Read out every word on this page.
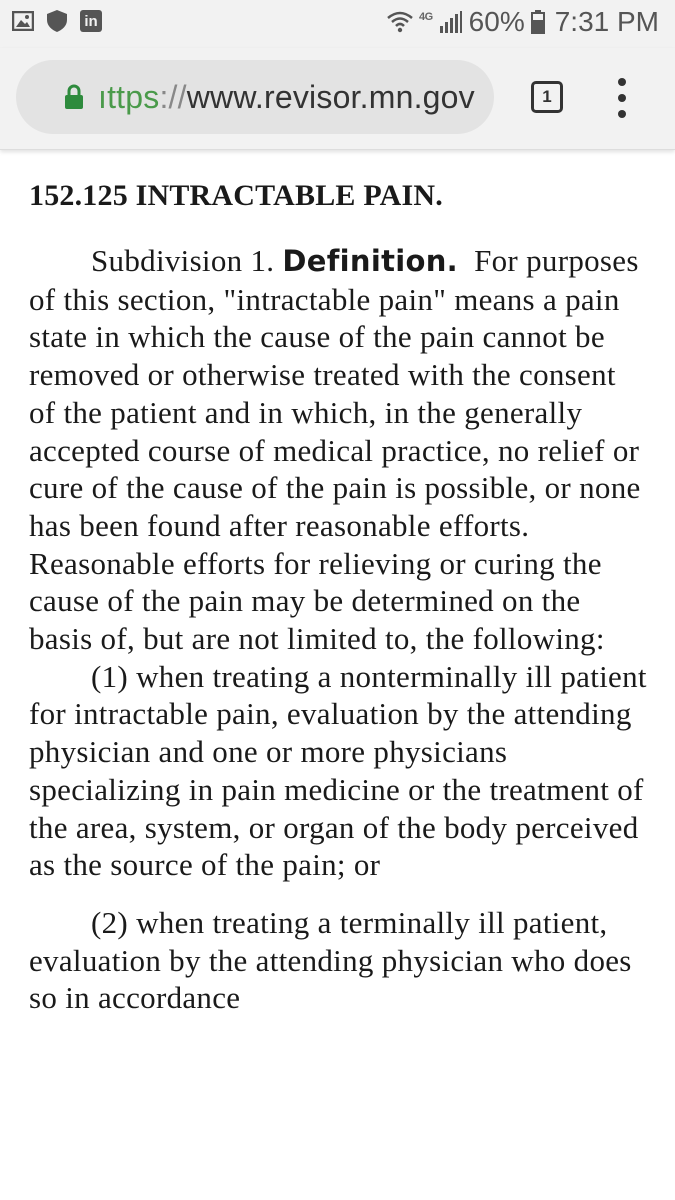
in	4G 60% 7:31 PM
ıttps://www.revisor.mn.gov	1
152.125 INTRACTABLE PAIN.

Subdivision 1. Definition. For purposes of this section, "intractable pain" means a pain state in which the cause of the pain cannot be removed or otherwise treated with the consent of the patient and in which, in the generally accepted course of medical practice, no relief or cure of the cause of the pain is possible, or none has been found after reasonable efforts. Reasonable efforts for relieving or curing the cause of the pain may be determined on the basis of, but are not limited to, the following:

(1) when treating a nonterminally ill patient for intractable pain, evaluation by the attending physician and one or more physicians specializing in pain medicine or the treatment of the area, system, or organ of the body perceived as the source of the pain; or

(2) when treating a terminally ill patient, evaluation by the attending physician who does so in accordance
